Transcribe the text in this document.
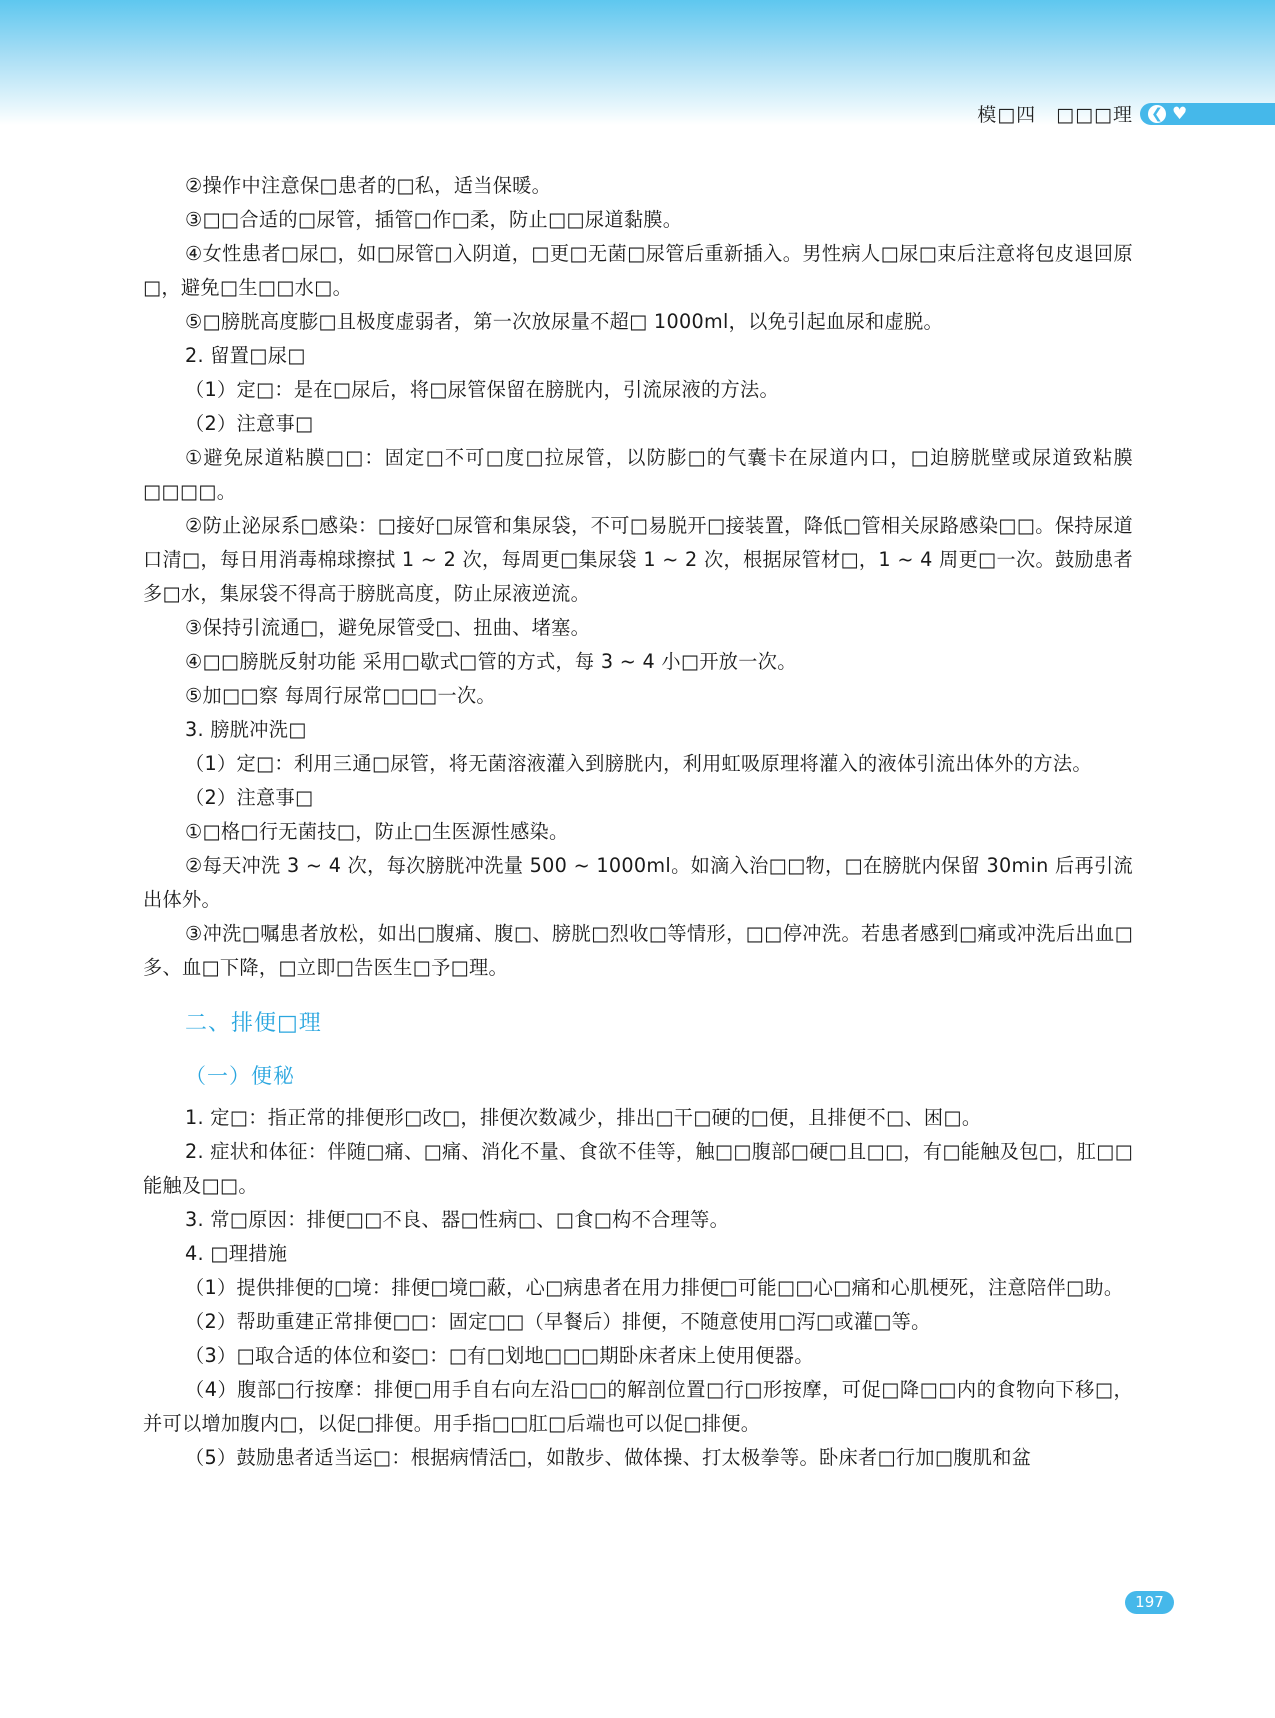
模□四　□□□理 ❮ ♥

②操作中注意保□患者的□私，适当保暖。

③□□合适的□尿管，插管□作□柔，防止□□尿道黏膜。

④女性患者□尿□，如□尿管□入阴道，□更□无菌□尿管后重新插入。男性病人□尿□束后注意将包皮退回原□，避免□生□□水□。

⑤□膀胱高度膨□且极度虚弱者，第一次放尿量不超□ 1000ml，以免引起血尿和虚脱。

2. 留置□尿□

（1）定□：是在□尿后，将□尿管保留在膀胱内，引流尿液的方法。

（2）注意事□

①避免尿道粘膜□□：固定□不可□度□拉尿管，以防膨□的气囊卡在尿道内口，□迫膀胱壁或尿道致粘膜□□□□。

②防止泌尿系□感染：□接好□尿管和集尿袋，不可□易脱开□接装置，降低□管相关尿路感染□□。保持尿道口清□，每日用消毒棉球擦拭 1 ~ 2 次，每周更□集尿袋 1 ~ 2 次，根据尿管材□，1 ~ 4 周更□一次。鼓励患者多□水，集尿袋不得高于膀胱高度，防止尿液逆流。

③保持引流通□，避免尿管受□、扭曲、堵塞。

④□□膀胱反射功能 采用□歇式□管的方式，每 3 ~ 4 小□开放一次。

⑤加□□察 每周行尿常□□□一次。

3. 膀胱冲洗□

（1）定□：利用三通□尿管，将无菌溶液灌入到膀胱内，利用虹吸原理将灌入的液体引流出体外的方法。

（2）注意事□

①□格□行无菌技□，防止□生医源性感染。

②每天冲洗 3 ~ 4 次，每次膀胱冲洗量 500 ~ 1000ml。如滴入治□□物，□在膀胱内保留 30min 后再引流出体外。

③冲洗□嘱患者放松，如出□腹痛、腹□、膀胱□烈收□等情形，□□停冲洗。若患者感到□痛或冲洗后出血□多、血□下降，□立即□告医生□予□理。

二、排便□理
（一）便秘

1. 定□：指正常的排便形□改□，排便次数减少，排出□干□硬的□便，且排便不□、困□。

2. 症状和体征：伴随□痛、□痛、消化不量、食欲不佳等，触□□腹部□硬□且□□，有□能触及包□，肛□□能触及□□。

3. 常□原因：排便□□不良、器□性病□、□食□构不合理等。

4. □理措施

（1）提供排便的□境：排便□境□蔽，心□病患者在用力排便□可能□□心□痛和心肌梗死，注意陪伴□助。

（2）帮助重建正常排便□□：固定□□（早餐后）排便，不随意使用□泻□或灌□等。

（3）□取合适的体位和姿□：□有□划地□□□期卧床者床上使用便器。

（4）腹部□行按摩：排便□用手自右向左沿□□的解剖位置□行□形按摩，可促□降□□内的食物向下移□，并可以增加腹内□，以促□排便。用手指□□肛□后端也可以促□排便。

（5）鼓励患者适当运□：根据病情活□，如散步、做体操、打太极拳等。卧床者□行加□腹肌和盆

197
